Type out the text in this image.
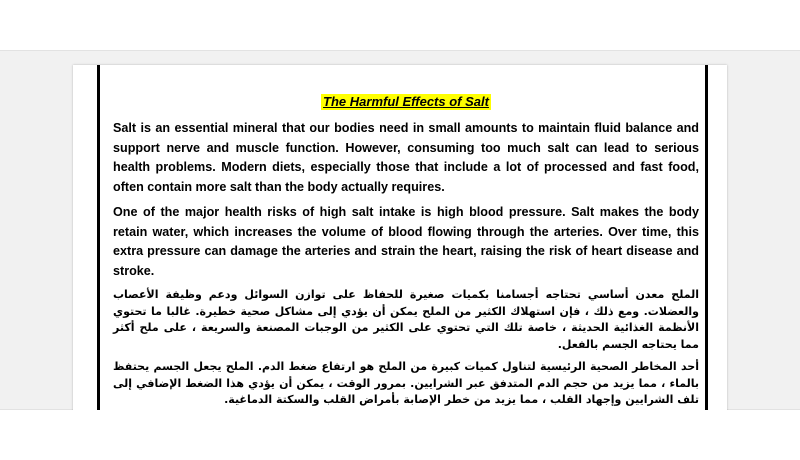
The Harmful Effects of Salt

Salt is an essential mineral that our bodies need in small amounts to maintain fluid balance and support nerve and muscle function. However, consuming too much salt can lead to serious health problems. Modern diets, especially those that include a lot of processed and fast food, often contain more salt than the body actually requires.

One of the major health risks of high salt intake is high blood pressure. Salt makes the body retain water, which increases the volume of blood flowing through the arteries. Over time, this extra pressure can damage the arteries and strain the heart, raising the risk of heart disease and stroke.

الملح معدن أساسي تحتاجه أجسامنا بكميات صغيرة للحفاظ على توازن السوائل ودعم وظيفة الأعصاب والعضلات. ومع ذلك ، فإن استهلاك الكثير من الملح يمكن أن يؤدي إلى مشاكل صحية خطيرة. غالبا ما تحتوي الأنظمة الغذائية الحديثة ، خاصة تلك التي تحتوي على الكثير من الوجبات المصنعة والسريعة ، على ملح أكثر مما يحتاجه الجسم بالفعل.

أحد المخاطر الصحية الرئيسية لتناول كميات كبيرة من الملح هو ارتفاع ضغط الدم. الملح يجعل الجسم يحتفظ بالماء ، مما يزيد من حجم الدم المتدفق عبر الشرايين. بمرور الوقت ، يمكن أن يؤدي هذا الضغط الإضافي إلى تلف الشرايين وإجهاد القلب ، مما يزيد من خطر الإصابة بأمراض القلب والسكتة الدماغية.
